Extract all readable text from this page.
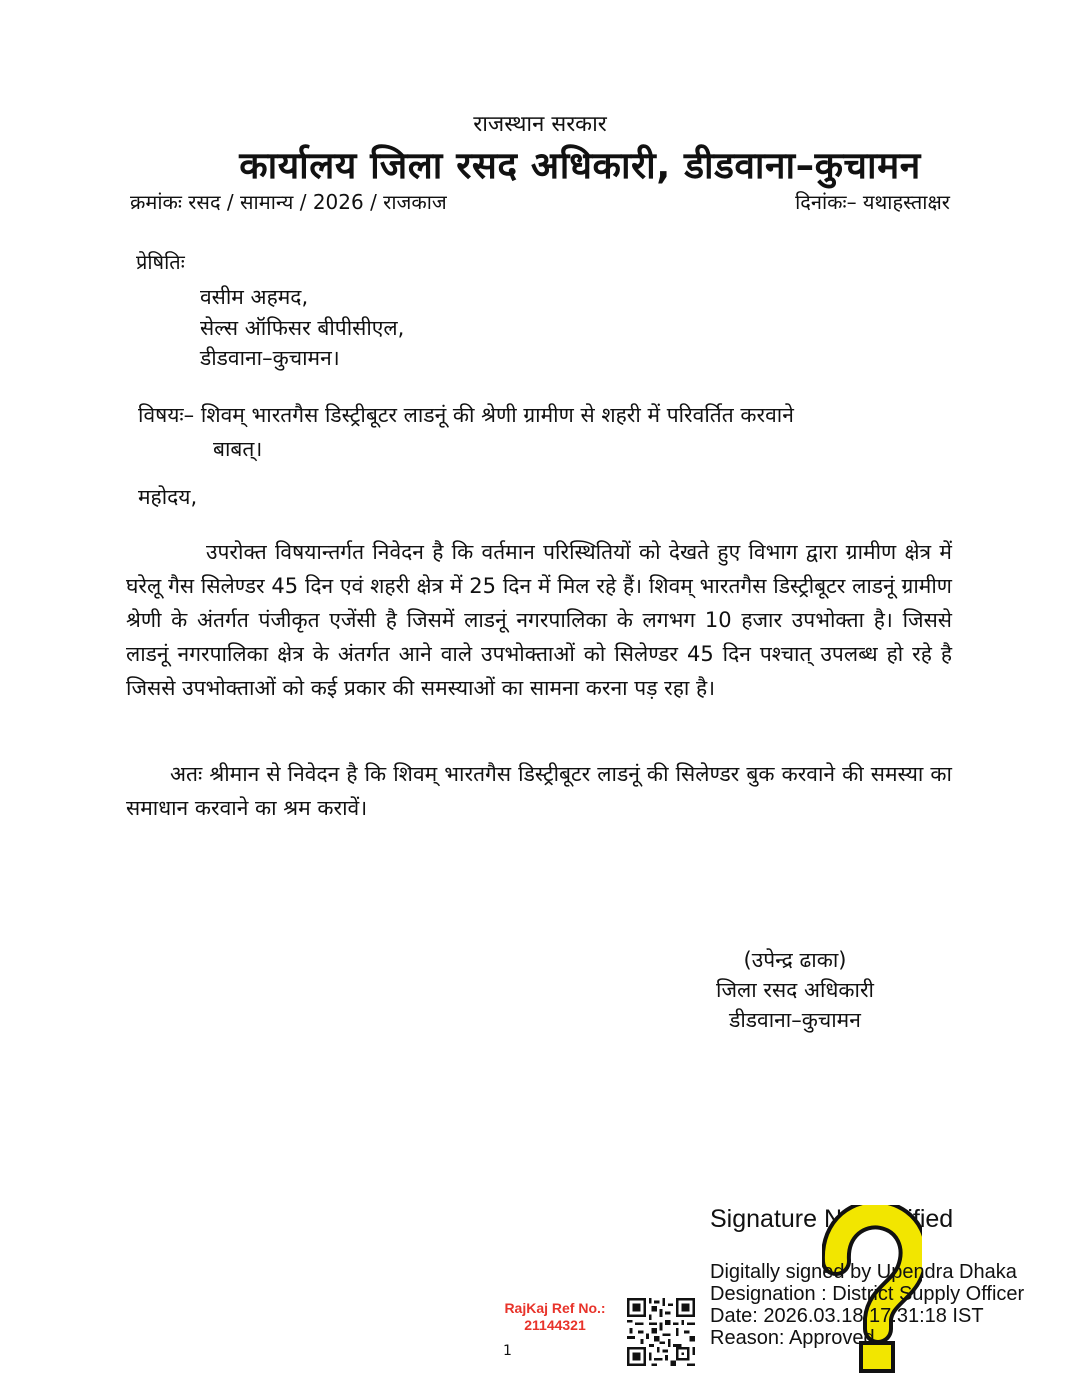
राजस्थान सरकार
कार्यालय जिला रसद अधिकारी, डीडवाना–कुचामन
क्रमांकः रसद / सामान्य / 2026 / राजकाज	दिनांकः– यथाहस्ताक्षर
प्रेषितिः
वसीम अहमद,
सेल्स ऑफिसर बीपीसीएल,
डीडवाना–कुचामन।
विषयः– शिवम् भारतगैस डिस्ट्रीबूटर लाडनूं की श्रेणी ग्रामीण से शहरी में परिवर्तित करवाने
बाबत्।
महोदय,
उपरोक्त विषयान्तर्गत निवेदन है कि वर्तमान परिस्थितियों को देखते हुए विभाग द्वारा ग्रामीण क्षेत्र में घरेलू गैस सिलेण्डर 45 दिन एवं शहरी क्षेत्र में 25 दिन में मिल रहे हैं। शिवम् भारतगैस डिस्ट्रीबूटर लाडनूं ग्रामीण श्रेणी के अंतर्गत पंजीकृत एजेंसी है जिसमें लाडनूं नगरपालिका के लगभग 10 हजार उपभोक्ता है। जिससे लाडनूं नगरपालिका क्षेत्र के अंतर्गत आने वाले उपभोक्ताओं को सिलेण्डर 45 दिन पश्चात् उपलब्ध हो रहे है जिससे उपभोक्ताओं को कई प्रकार की समस्याओं का सामना करना पड़ रहा है।
अतः श्रीमान से निवेदन है कि शिवम् भारतगैस डिस्ट्रीबूटर लाडनूं की सिलेण्डर बुक करवाने की समस्या का समाधान करवाने का श्रम करावें।
(उपेन्द्र ढाका)
जिला रसद अधिकारी
डीडवाना–कुचामन
Signature Not Verified
Digitally signed by Upendra Dhaka
Designation : District Supply Officer
Date: 2026.03.18 17:31:18 IST
Reason: Approved
RajKaj Ref No.:
21144321
1
